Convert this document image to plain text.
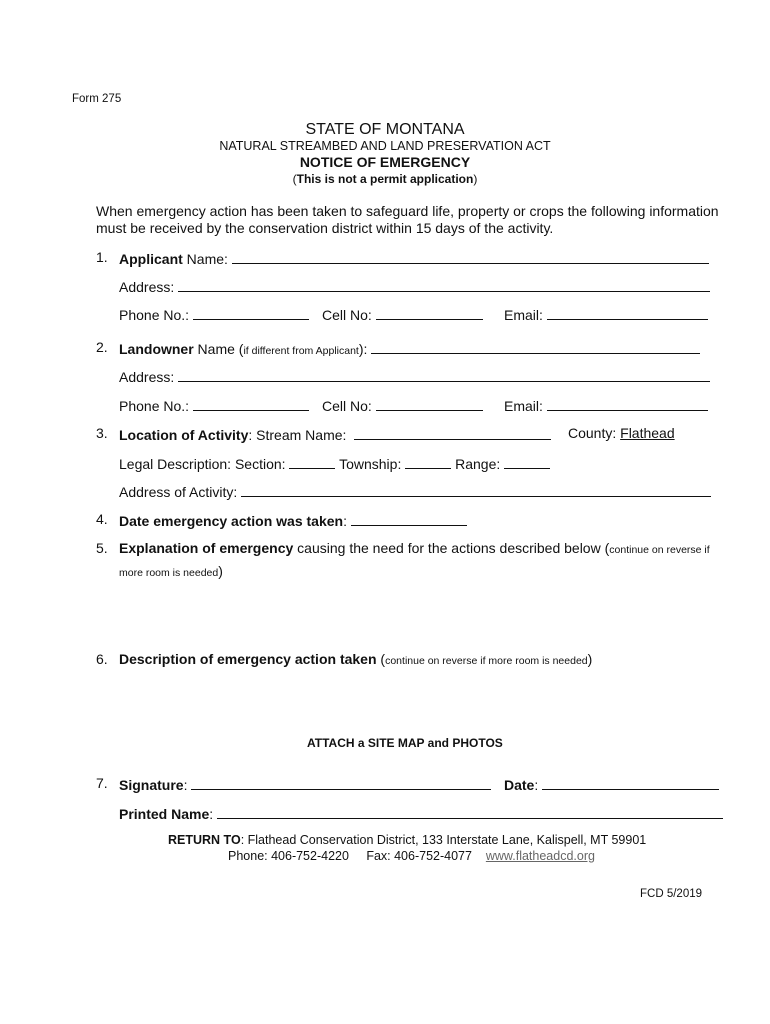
Form 275
STATE OF MONTANA
NATURAL STREAMBED AND LAND PRESERVATION ACT
NOTICE OF EMERGENCY
(This is not a permit application)
When emergency action has been taken to safeguard life, property or crops the following information
must be received by the conservation district within 15 days of the activity.
1. Applicant Name:
Address:
Phone No.:	Cell No:	Email:
2. Landowner Name (if different from Applicant):
Address:
Phone No.:	Cell No:	Email:
3. Location of Activity: Stream Name:	County: Flathead
Legal Description: Section:	Township:	Range:
Address of Activity:
4. Date emergency action was taken:
5. Explanation of emergency causing the need for the actions described below (continue on reverse if
more room is needed)
6. Description of emergency action taken (continue on reverse if more room is needed)
ATTACH a SITE MAP and PHOTOS
7. Signature:	Date:
Printed Name:
RETURN TO: Flathead Conservation District, 133 Interstate Lane, Kalispell, MT 59901
Phone: 406-752-4220 Fax: 406-752-4077 www.flatheadcd.org
FCD 5/2019
